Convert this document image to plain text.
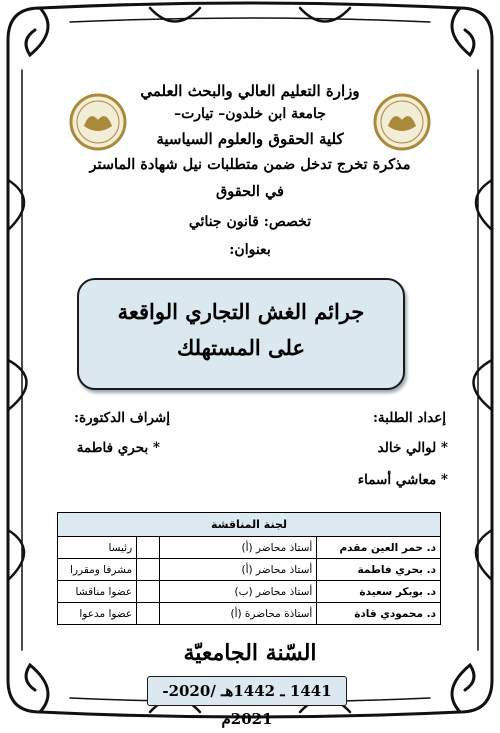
وزارة التعليم العالي والبحث العلمي
جامعة ابن خلدون– تيارت–
كلية الحقوق والعلوم السياسية
مذكرة تخرج تدخل ضمن متطلبات نيل شهادة الماستر
في الحقوق
تخصص: قانون جنائي
بعنوان:
جرائم الغش التجاري الواقعة
على المستهلك
إعداد الطلبة:
* لوالي خالد
* معاشي أسماء
إشراف الدكتورة:
* بحري فاطمة
لجنة المناقشة			
د. حمر العين مقدم	أستاذ محاضر (أ)		رئيسا
د. بحري فاطمة	أستاذ محاضر (أ)		مشرفا ومقررا
د. بوبكر سعيدة	أستاذ محاضر (ب)		عضوا مناقشا
د. محمودي قادة	أستاذة محاضرة (أ)		عضوا مدعوا
السّنة الجامعيّة
1441 ـ 1442هـ /2020- 2021م
